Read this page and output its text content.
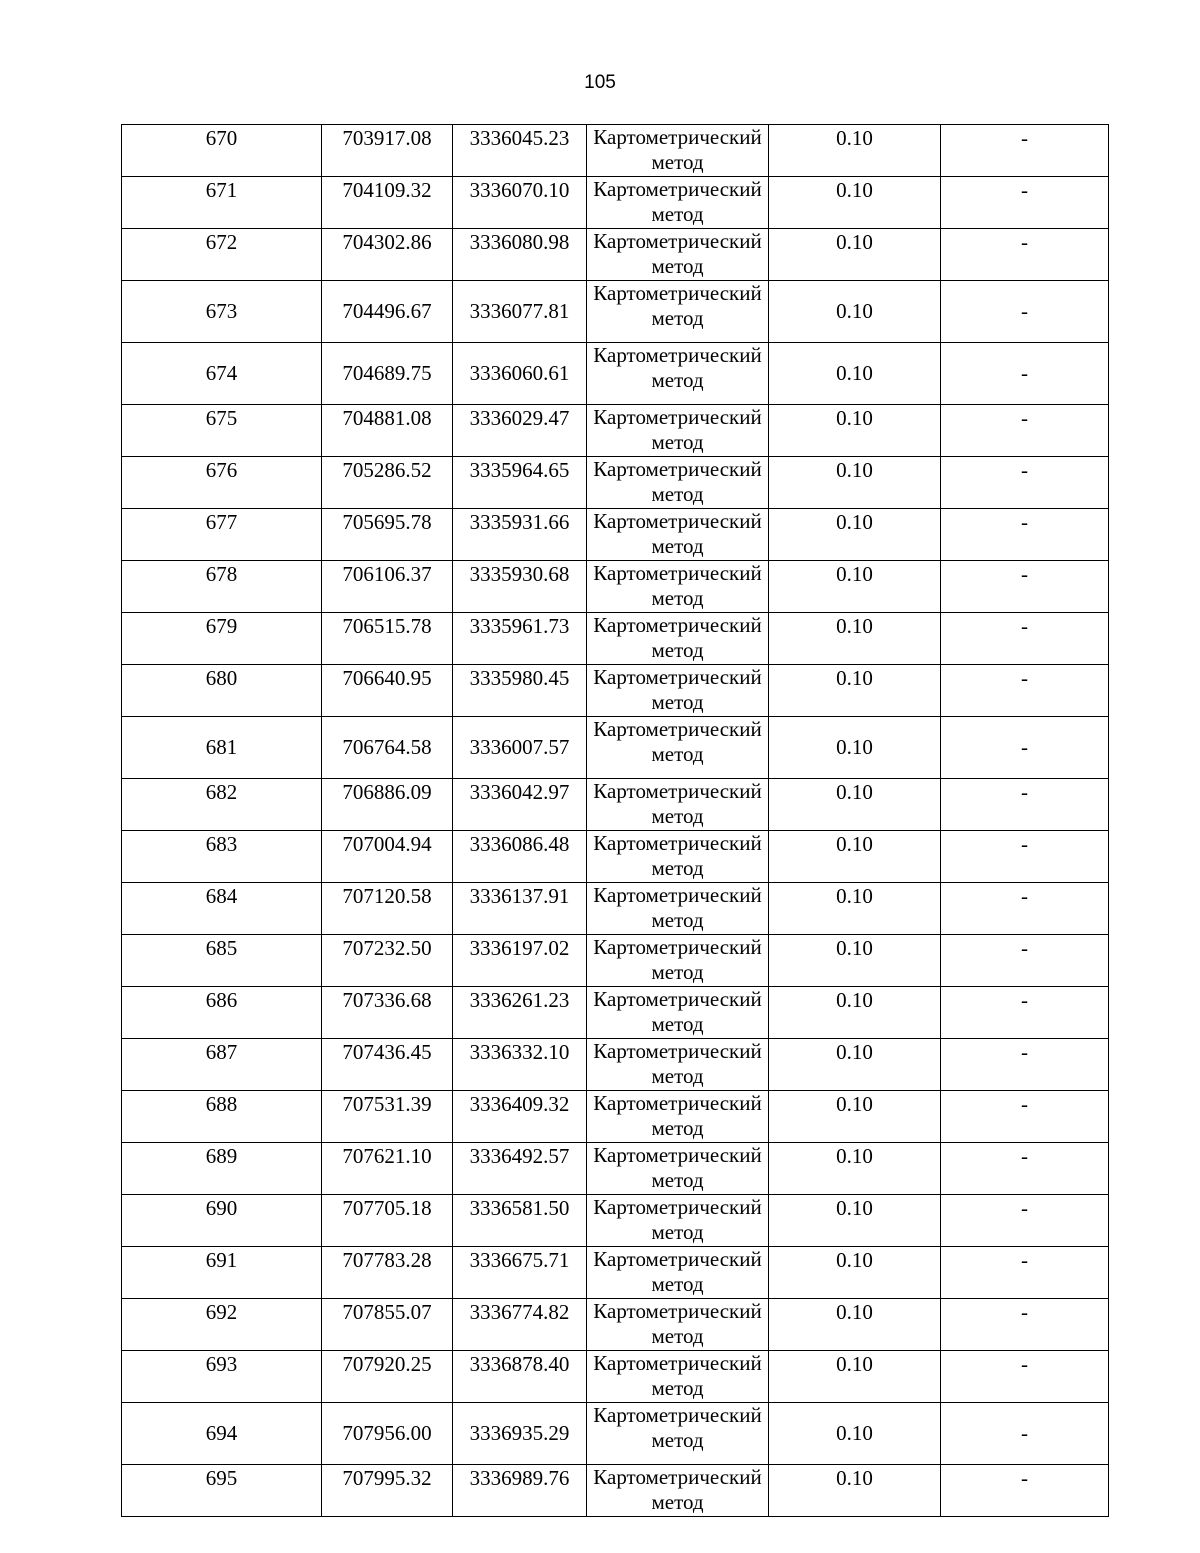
105
670	703917.08	3336045.23	Картометрический
метод	0.10	-
671	704109.32	3336070.10	Картометрический
метод	0.10	-
672	704302.86	3336080.98	Картометрический
метод	0.10	-
673	704496.67	3336077.81	Картометрический
метод	0.10	-
674	704689.75	3336060.61	Картометрический
метод	0.10	-
675	704881.08	3336029.47	Картометрический
метод	0.10	-
676	705286.52	3335964.65	Картометрический
метод	0.10	-
677	705695.78	3335931.66	Картометрический
метод	0.10	-
678	706106.37	3335930.68	Картометрический
метод	0.10	-
679	706515.78	3335961.73	Картометрический
метод	0.10	-
680	706640.95	3335980.45	Картометрический
метод	0.10	-
681	706764.58	3336007.57	Картометрический
метод	0.10	-
682	706886.09	3336042.97	Картометрический
метод	0.10	-
683	707004.94	3336086.48	Картометрический
метод	0.10	-
684	707120.58	3336137.91	Картометрический
метод	0.10	-
685	707232.50	3336197.02	Картометрический
метод	0.10	-
686	707336.68	3336261.23	Картометрический
метод	0.10	-
687	707436.45	3336332.10	Картометрический
метод	0.10	-
688	707531.39	3336409.32	Картометрический
метод	0.10	-
689	707621.10	3336492.57	Картометрический
метод	0.10	-
690	707705.18	3336581.50	Картометрический
метод	0.10	-
691	707783.28	3336675.71	Картометрический
метод	0.10	-
692	707855.07	3336774.82	Картометрический
метод	0.10	-
693	707920.25	3336878.40	Картометрический
метод	0.10	-
694	707956.00	3336935.29	Картометрический
метод	0.10	-
695	707995.32	3336989.76	Картометрический
метод	0.10	-
